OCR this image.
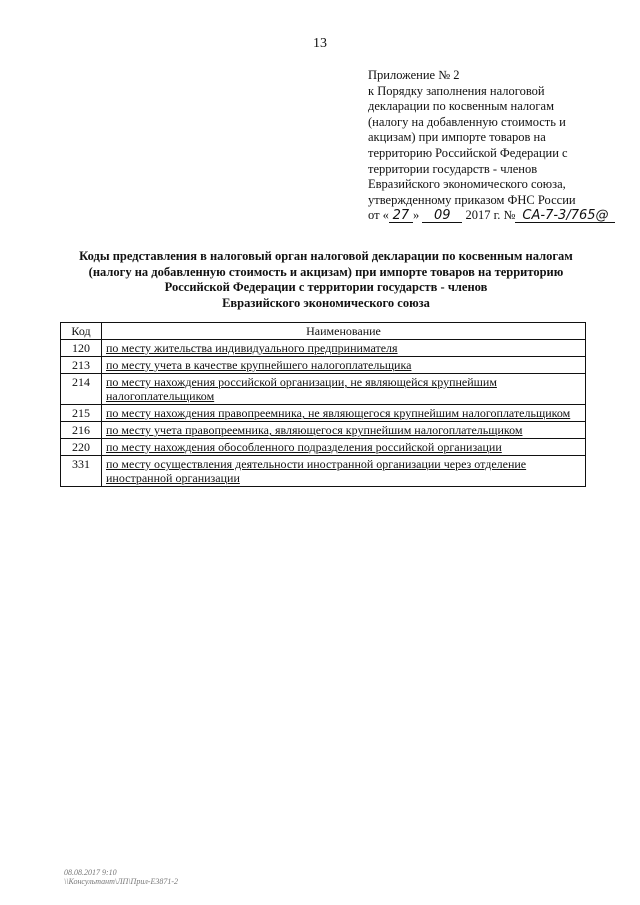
13
Приложение № 2
к Порядку заполнения налоговой
декларации по косвенным налогам
(налогу на добавленную стоимость и
акцизам) при импорте товаров на
территорию Российской Федерации с
территории государств - членов
Евразийского экономического союза,
утвержденному приказом ФНС России
от « 27 » 09 2017 г. № СА-7-3/765@
Коды представления в налоговый орган налоговой декларации по косвенным налогам
(налогу на добавленную стоимость и акцизам) при импорте товаров на территорию
Российской Федерации с территории государств - членов
Евразийского экономического союза
Код	Наименование
120	по месту жительства индивидуального предпринимателя
213	по месту учета в качестве крупнейшего налогоплательщика
214	по месту нахождения российской организации, не являющейся крупнейшим налогоплательщиком
215	по месту нахождения правопреемника, не являющегося крупнейшим налогоплательщиком
216	по месту учета правопреемника, являющегося крупнейшим налогоплательщиком
220	по месту нахождения обособленного подразделения российской организации
331	по месту осуществления деятельности иностранной организации через отделение иностранной организации
08.08.2017 9:10
\\Консультант\ЛП\Прил-E3871-2
